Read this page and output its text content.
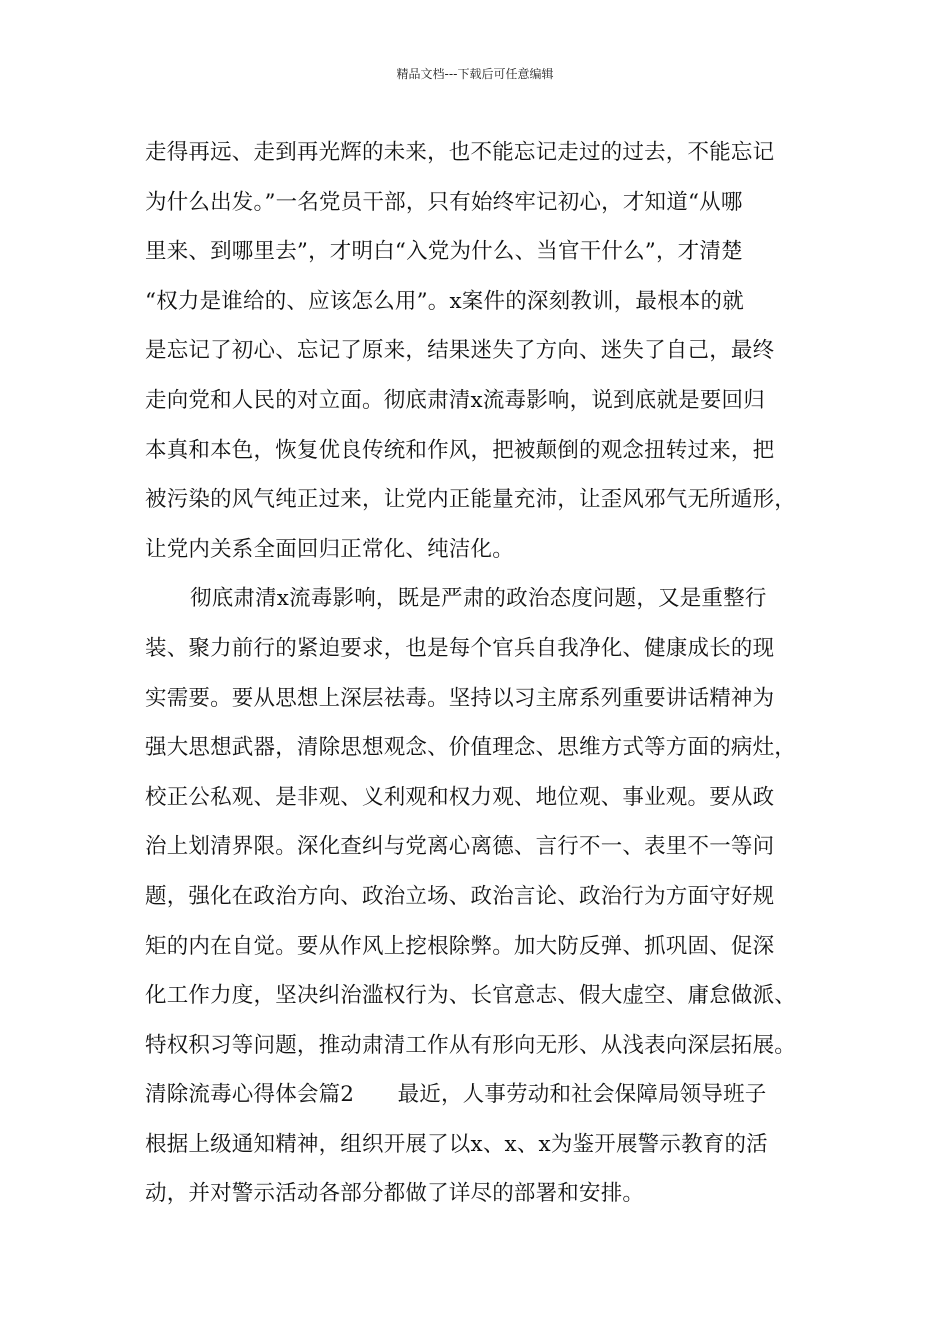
精品文档---下载后可任意编辑
走得再远、走到再光辉的未来，也不能忘记走过的过去，不能忘记
为什么出发。”一名党员干部，只有始终牢记初心，才知道“从哪
里来、到哪里去”，才明白“入党为什么、当官干什么”，才清楚
“权力是谁给的、应该怎么用”。x案件的深刻教训，最根本的就
是忘记了初心、忘记了原来，结果迷失了方向、迷失了自己，最终
走向党和人民的对立面。彻底肃清x流毒影响，说到底就是要回归
本真和本色，恢复优良传统和作风，把被颠倒的观念扭转过来，把
被污染的风气纯正过来，让党内正能量充沛，让歪风邪气无所遁形，
让党内关系全面回归正常化、纯洁化。
彻底肃清x流毒影响，既是严肃的政治态度问题，又是重整行
装、聚力前行的紧迫要求，也是每个官兵自我净化、健康成长的现
实需要。要从思想上深层祛毒。坚持以习主席系列重要讲话精神为
强大思想武器，清除思想观念、价值理念、思维方式等方面的病灶，
校正公私观、是非观、义利观和权力观、地位观、事业观。要从政
治上划清界限。深化查纠与党离心离德、言行不一、表里不一等问
题，强化在政治方向、政治立场、政治言论、政治行为方面守好规
矩的内在自觉。要从作风上挖根除弊。加大防反弹、抓巩固、促深
化工作力度，坚决纠治滥权行为、长官意志、假大虚空、庸怠做派、
特权积习等问题，推动肃清工作从有形向无形、从浅表向深层拓展。
清除流毒心得体会篇2　　最近，人事劳动和社会保障局领导班子
根据上级通知精神，组织开展了以x、x、x为鉴开展警示教育的活
动，并对警示活动各部分都做了详尽的部署和安排。
